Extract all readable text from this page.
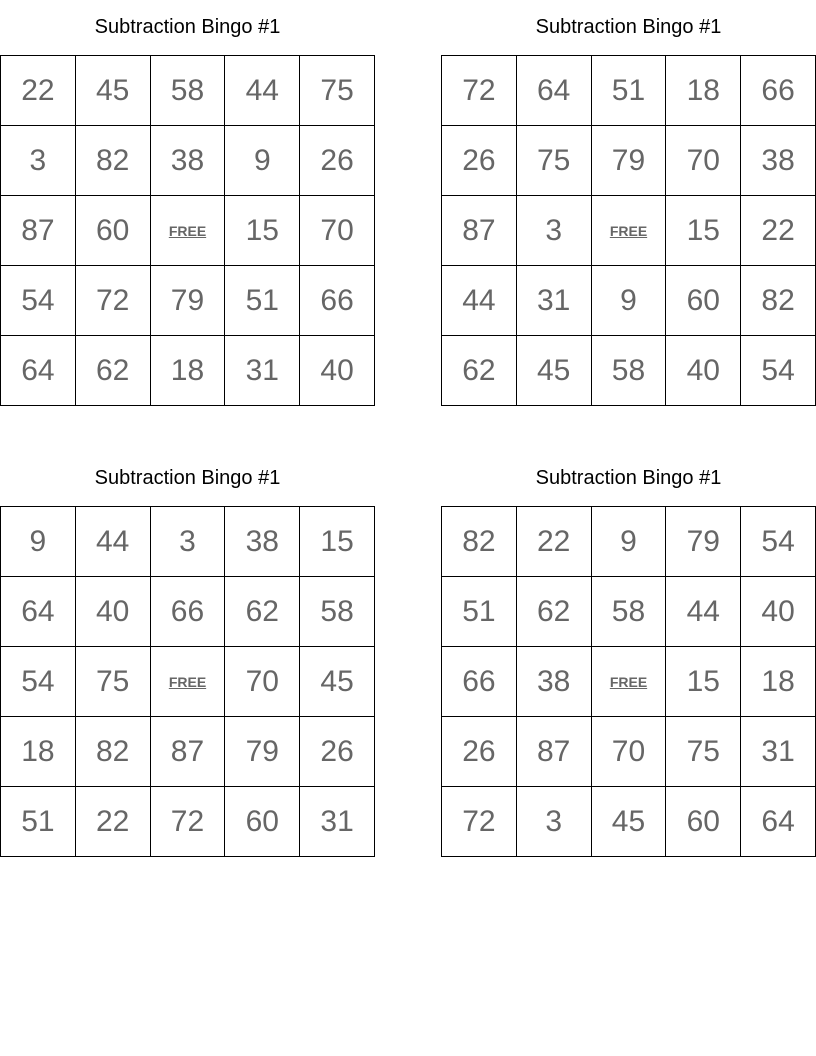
Subtraction Bingo #1
22	45	58	44	75
3	82	38	9	26
87	60	FREE	15	70
54	72	79	51	66
64	62	18	31	40
Subtraction Bingo #1
72	64	51	18	66
26	75	79	70	38
87	3	FREE	15	22
44	31	9	60	82
62	45	58	40	54
Subtraction Bingo #1
9	44	3	38	15
64	40	66	62	58
54	75	FREE	70	45
18	82	87	79	26
51	22	72	60	31
Subtraction Bingo #1
82	22	9	79	54
51	62	58	44	40
66	38	FREE	15	18
26	87	70	75	31
72	3	45	60	64
